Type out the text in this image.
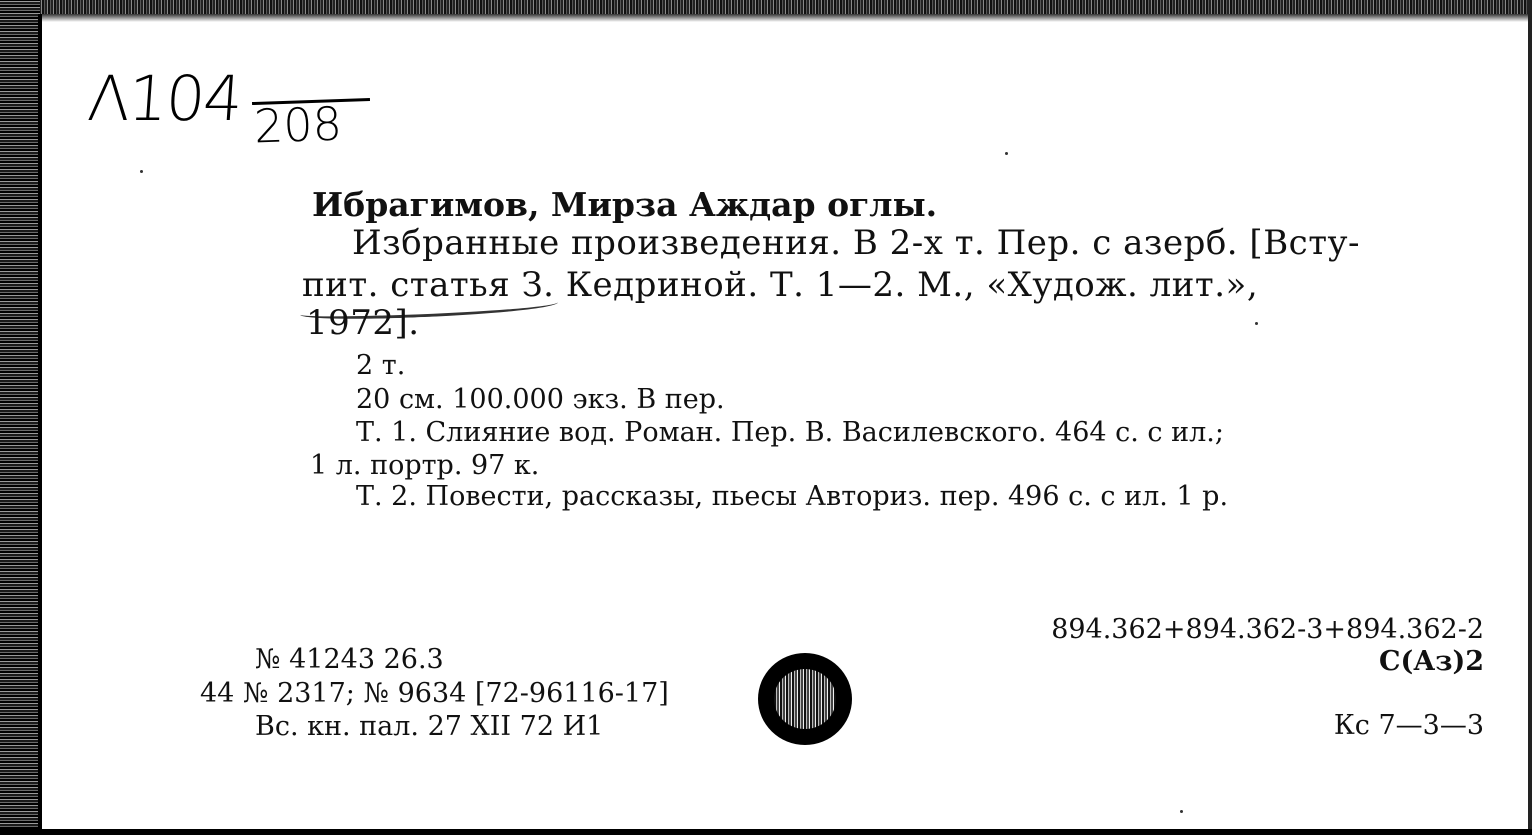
Λ104 208
Ибрагимов, Мирза Аждар оглы.
Избранные произведения. В 2-х т. Пер. с азерб. [Всту-
пит. статья З. Кедриной. Т. 1—2. М., «Худож. лит.»,
1972].
2 т.
20 см. 100.000 экз. В пер.
Т. 1. Слияние вод. Роман. Пер. В. Василевского. 464 с. с ил.;
1 л. портр. 97 к.
Т. 2. Повести, рассказы, пьесы Авториз. пер. 496 с. с ил. 1 р.
894.362+894.362-3+894.362-2
С(Аз)2
Кс 7—3—3
№ 41243 26.3
44 № 2317; № 9634 [72-96116-17]
Вс. кн. пал. 27 XII 72 И1
